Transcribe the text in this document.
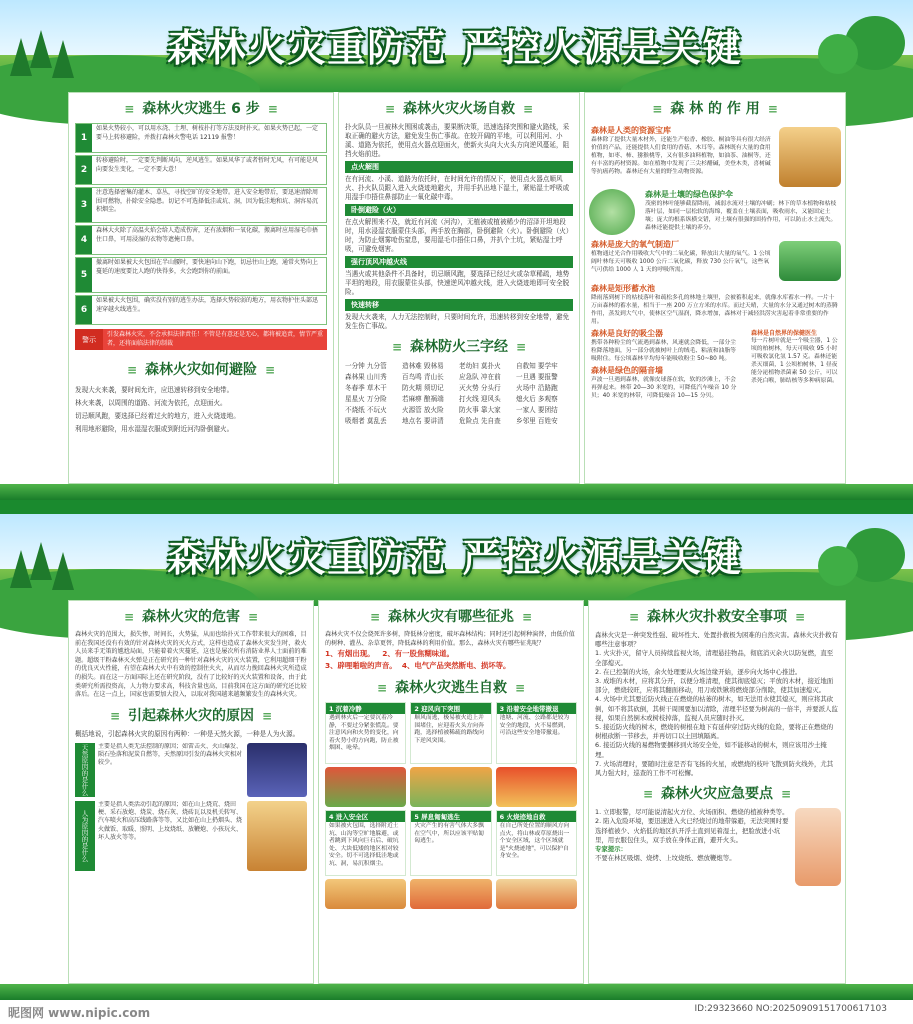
森林火灾重防范 严控火源是关键
≡ 森林火灾逃生 6 步 ≡
1
如果火势较小，可以用水浇、土埋、树枝扑打等方法及时扑灭。如果火势已起，一定要马上转移避险，并拨打森林火警电话 12119 报警！
2
转移避险时，一定要先判断风向，逆风逃生。如果风华了或者暂时无风，有可能是风向要发生变化，一定不要大意！
3
注意选择密集的灌木、草丛，寻找空旷的安全地带。进入安全地带后，要迅速清除周围可燃物，扑除安全隐患。切记不可选择低洼或坑、洞，因为低洼地和坑、洞容易沉积烟尘。
4
森林大火除了高温火焰会给人造成伤害，还有浓烟和一氧化碳，搬离时应用湿毛巾捂住口鼻，可用浸湿的衣物等遮掩口鼻。
5
撤离时如果被大火包围在半山腰时，要快速向山下跑，切忌往山上跑，通常火势向上蔓延的速度要比人跑的快得多，火会跑到你的前面。
6
如果被大火包围，确实没有别的逃生办法，选择火势较弱的地方，用衣物护住头部迅速穿越火线逃生。
警示
引发森林火灾，不会承担法律责任！不管是有意还是无心，都将被追责，情节严重者，还将面临法律的制裁
≡ 森林火灾如何避险 ≡

发现大火来袭，要时间允许，应迅速转移到安全地带。

林火来袭，以周围的道路、河流为依托，点迎面火。

切忌顺风跑，要选择已经着过火的地方，进入火烧迹地。

利用地形避险，用水湿湿衣服或到附近河沟卧倒避火。

≡ 森林火灾火场自救 ≡

扑火队员一旦被林火围困或袭击，要果断决策，迅速选择突围和避火路线，采取正确的避火方法，避免发生伤亡事故。在较开阔的平地，可以利用河、小溪、道路为依托，使用点火器点迎面火，使新火头向大火头方向逆风蔓延，阻挡火焰前进。

点火解围

在有河流、小溪、道路为依托时，在时间允许的情况下，使用点火器点顺风火、扑火队员跟入进入火烧迹地避火，并用手扒出地下湿土，紧贴湿土呼吸或用湿手巾捂住鼻部防止一氧化碳中毒。

卧倒避险（火）

在点火解围来不及，就近有河流（河沟），无植被或植被稀少的沼泽开坦地段时，用水浸湿衣服蒙住头部，两手放在胸部，卧倒避险（火）。卧倒避险（火）时，为防止烟雾呛伤窒息，要用湿毛巾捂住口鼻，并扒个土坑，紧贴湿土呼吸，可避免烟害。

强行顶风冲越火线

当遇火或其他条件不具备时，切忌顺风跑，要选择已经过火或杂草稀疏，地势平坦的地段，用衣服蒙住头部，快速逆风冲越火线，进入火烧迹地即可安全脱险。

快速转移

发现大火袭来，人力无法控制时，只要时间允许，迅速转移到安全地带，避免发生伤亡事故。

≡ 森林防火三字经 ≡
一分钟 九分管
森林果 山川秀
冬春季 草木干
星星火 万分险
不烧纸 不玩火
吸烟者 莫乱丢
造林难 毁林易
百鸟鸣 青山长
防火期 须切记
若麻痹 酿祸端
火源管 放火险
地点名 要讲清
老幼妇 莫扑火
应急队 冲在前
灭火势 分头行
打火线 迎风头
防火事 靠大家
危险点 先自查
自救知 要学牢
一旦遇 要报警
火场中 沿路跑
熄火后 多观察
一家人 要团结
乡邻里 百姓安
≡ 森 林 的 作 用 ≡
森林是人类的资源宝库

森林除了提供大量木材外，还能生产松香、橡胶、桐油等具有很大经济价值的产品，还能提供人们食用的香菇、木耳等。森林既有大量的食用植物，如枣、柿、猕猴桃等，又有很多油料植物，如油茶、油桐等，还有丰富的药材资源。如在植物中发现了三尖杉醋碱，美登木类，喜树碱等抗癌药物。森林还有大量的野生动物资源。

森林是土壤的绿色保护伞

茂密的林叶能够截留降雨，减弱水流对土壤的冲刷；林下的草本植物和枯枝落叶层，如同一层松软的海绵，覆盖在土壤表面，吸收雨水，又能固定土壤；庞大的根系纵横交错，对土壤有很强的固持作用，可以防止水土流失。森林还能提供土壤的养分。

森林是庞大的氧气制造厂

植物通过光合作用吸收大气中的二氧化碳，释放出大量的氧气。1 公顷阔叶林每天可吸收 1000 公斤二氧化碳，释放 730 公斤氧气，这些氧气可供给 1000 人 1 天的呼吸所需。

森林是矩形蓄水池

降雨落到树下的枯枝落叶和疏松多孔的林地土壤里，会被蓄积起来，就像水库蓄水一样。一片十万亩森林的蓄水量，相当于一座 200 万立方米的水库。而过天晴，大量的水分又通过树木的蒸腾作用，蒸发到大气中，使林区空气湿润，降水增加，森林对于减轻洪涝灾害起着非常重要的作用。

森林是良好的吸尘器

携带各种粉尘的气流遇到森林，风速就会降低，一部分尘粒降落地面，另一部分就被树叶上的绒毛、粘液和油脂等吸附住。每公顷森林平均每年能吸收粉尘 50~80 吨。

森林是绿色的隔音墙

声波一旦遇到森林，就像皮球落在软，软的沙滩上，不会再弹起来。林带 20—30 米宽的，可降低汽车噪音 10 分贝；40 米宽的林带，可降低噪音 10—15 分贝。

森林是自然界的保健医生

每一片树叶就是一个吸尘器，1 公顷的柏树林，每天可吸收 95 小时可吸收氯化氢 1.57 克。森林还能杀灭细菌，1 公顷柏树林，1 昼夜能分泌植物杀菌素 50 公斤，可以杀死白喉，肺结核等多种病原菌。

森林火灾重防范 严控火源是关键
≡ 森林火灾的危害 ≡

森林火灾的范围大，损失惨，时间长，火势猛，从而也给扑灭工作带来很大的困难，目前在我国还没有有效的针对森林火灾的灭火方式，这样也造成了森林火灾发生时，救火人员来手无策的尴尬局面，只能着着火灾蔓延，这也是屡次所有消防业界人士面前的难题。超级干粉森林灭火弹是正在研究的一种针对森林火灾的灭火装置，它利用超细干粉的优良灭火性能，有望在森林大火中有效的控制住火火，从而尽力挽回森林火灾所造成的损失。而在这一方面国际上还在研究阶段，没有了比较好的灭火装置和设备，由于此类研究所需投资高，人力物力要求高，科技含量也高，目前我国在这方面的研究还比较落后。在这一点上，国家也需要加大投入，以取对我国越来越频繁发生的森林火灾。

≡ 引起森林火灾的原因 ≡

概括地说，引起森林火灾的原因有两种：一种是天然火源，一种是人为火源。

天然原因的是什么	主要是指人类无法控制的原因；如雷击火、火山爆发、陨石坠落和泥炭自燃等，天然原因引发的森林火灾相对较少。
人为原因的是什么
主要是指人类活动引起的原因；如在山上烧荒、烧田梗、采石放炮、烧炭、烧石灰、烧砖瓦以及机关转写、汽车喷火和高压线路落等等，又比如在山上扔烟头、烧火做饭、取暖、照明、上坟烧纸、放鞭炮、小孩玩火、坏人放火等等。
≡ 森林火灾有哪些征兆 ≡

森林火灾不仅会烧死许多树，降低林分密度，破坏森林结构；同时还引起树种演替，由低价值的树种、灌丛、杂草更替，降低森林的利用价值。那么，森林火灾有哪些征兆呢？

1、有烟出现。 2、有一股焦糊味道。
3、辟哩啪啦的声音。 4、电气产品突然断电、损坏等。
≡ 森林火灾逃生自救 ≡
1 沉着冷静
遇到林火后一定要沉着冷静，不要过分紧张慌乱。要注意风向和火势的变化，向着火势小的方向跑，防止被烟困、呛晕。
2 迎风向下突围
顺风而逃，极易被火追上并围堵住，应迎着火头方向奔跑，选择植被稀疏的路线向下逆风突围。
3 沿着安全地带撤退
池塘、河流、公路都是较为安全的地段，火不易燃到，可沿这些安全地带撤退。
4 进入安全区
如果被火包围，选择附近土坑、山沟等空旷地躲避，或者跳到下风向巨石后、破坑处、大块低矮的地区相对较安全。切不可选择低洼地或坑、洞，易沉积烟尘。
5 屏息匍匐逃生
火灾产生的有害气体大多飘在空气中，所以应该平贴匍匐逃生。
6 火烧迹地自救
在自己所处位置的顺风方向点火，将山林或草原烧出一个安全区域，这个区域就是"火烧迹地"，可以保护自身安全。
≡ 森林火灾扑救安全事项 ≡

森林火灾是一种突发性强、破坏性大、处置扑救极为困难的自然灾害。森林火灾扑救有哪些注意事项？

1. 火灾扑灭，留守人员持续监视火场，清理悬挂物品，彻底消灭余火以防复燃，直至全部熄灭。

2. 在已控制的火场，余火处理要从火场边缘开始，逐步向火场中心推进。

3. 成堆的木材，应将其分开，以便分堆清理，使其彻底熄灭；平放的木材，接近地面部分，燃烧较旺，应将其翻面移动，用刀或铁锹将燃烧部分削除，使其加速熄灭。

4. 火场中尤其要近防火线正在燃烧的枯萎的树木，如无法用水使其熄灭，则应将其砍倒，如不将其砍倒，其树干周围要加以清除，清理半径要为树高的一倍半，并要派人监视，如果自然倒木或树枝掉落，监视人员应随时扑灭。

5. 接近防火线的树木，燃烧的树根在地下有延伸穿过防火线的危险，要将正在燃烧的树根砍断一节移去，并再切口以土回填隔离。

6. 接近防火线的易燃物要捆移到火场安全处，如不能移动的树木，则应该用沙土掩埋。

7. 火场清理时，要随时注意是否有飞扬的火星，或燃烧的枝叶飞散到防火线外，尤其风力强大时，巡查的工作不可松懈。

≡ 森林火灾应急要点 ≡

1. 立即报警，尽可能说清起火方位、火场面积、燃烧的植被种类等。

2. 陷入危险环境，要迅速进入火已经烧过的地带躲避，无法突围时要选择植被少、火焰低的地区扒开浮土直到见着湿土，把脸放进小坑里，用衣服包住头，双手放在身体正面，避开火头。

专家提示：

不要在林区吸烟、烧烤、上坟烧纸、燃放鞭炮等。

昵图网 www.nipic.com	ID:29323660 NO:20250909151700617103
